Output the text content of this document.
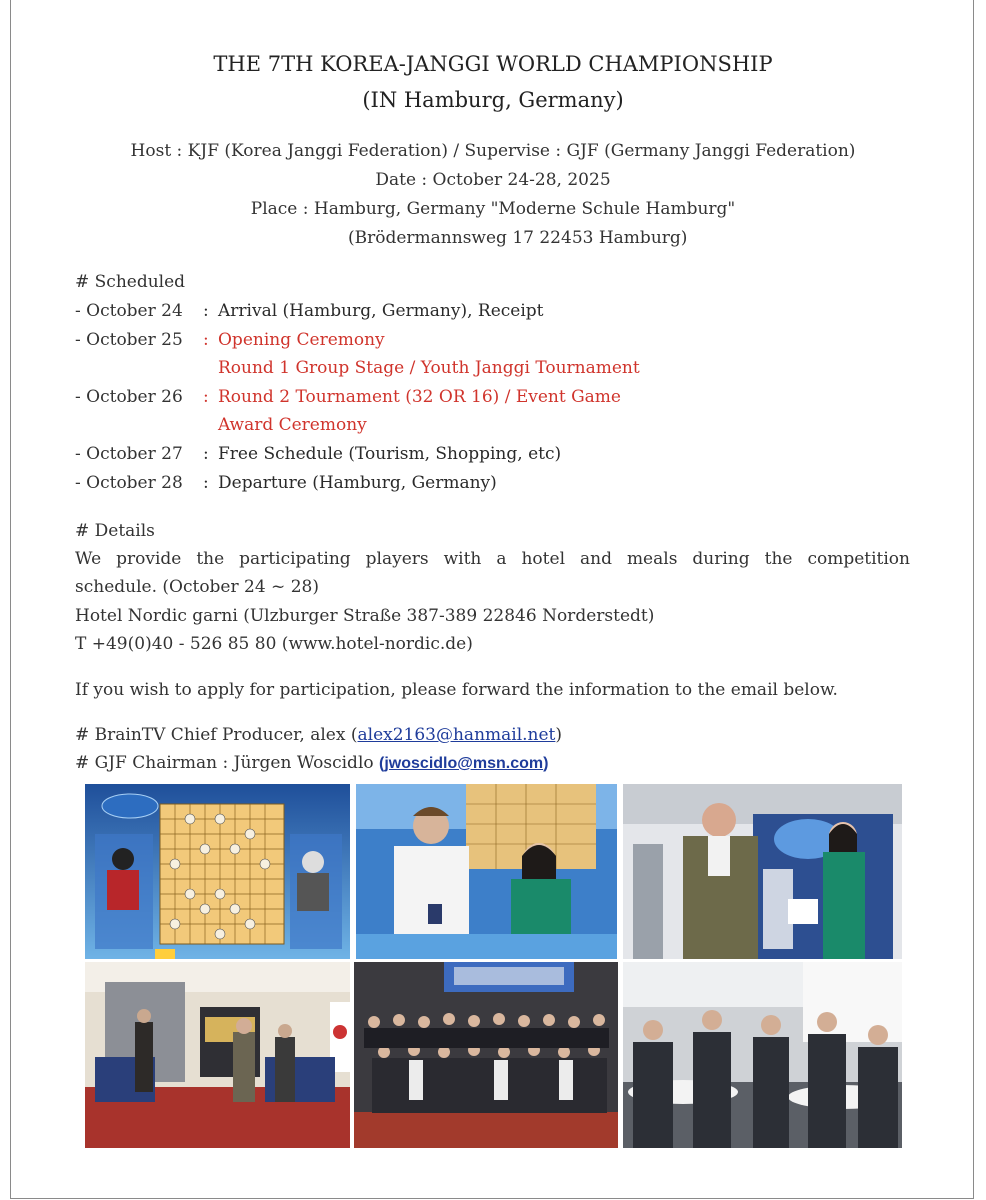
THE 7TH KOREA-JANGGI WORLD CHAMPIONSHIP
(IN Hamburg, Germany)
Host : KJF (Korea Janggi Federation) / Supervise : GJF (Germany Janggi Federation)
Date : October 24-28, 2025
Place : Hamburg, Germany "Moderne Schule Hamburg"
(Brödermannsweg 17 22453 Hamburg)
# Scheduled
- October 24 : Arrival (Hamburg, Germany), Receipt
- October 25 : Opening Ceremony
Round 1 Group Stage / Youth Janggi Tournament
- October 26 : Round 2 Tournament (32 OR 16) / Event Game
Award Ceremony
- October 27 : Free Schedule (Tourism, Shopping, etc)
- October 28 : Departure (Hamburg, Germany)
# Details
We provide the participating players with a hotel and meals during the competition
schedule. (October 24 ~ 28)
Hotel Nordic garni (Ulzburger Straße 387-389 22846 Norderstedt)
T +49(0)40 - 526 85 80 (www.hotel-nordic.de)
If you wish to apply for participation, please forward the information to the email below.
# BrainTV Chief Producer, alex (alex2163@hanmail.net)
# GJF Chairman : Jürgen Woscidlo (jwoscidlo@msn.com)
